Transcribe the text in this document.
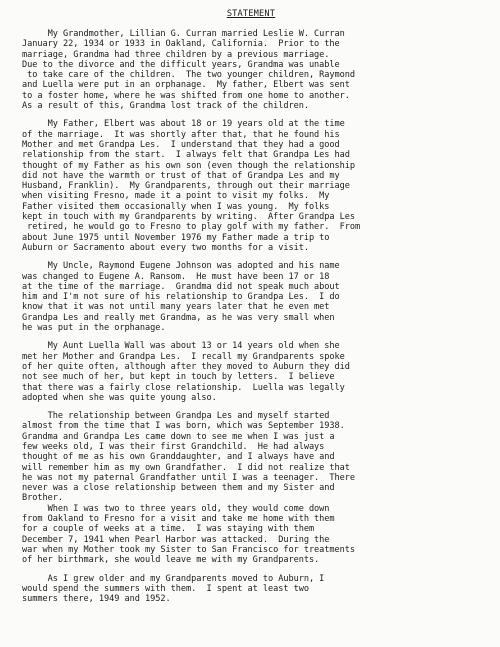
STATEMENT
My Grandmother, Lillian G. Curran married Leslie W. Curran
January 22, 1934 or 1933 in Oakland, California.  Prior to the
marriage, Grandma had three children by a previous marriage.
Due to the divorce and the difficult years, Grandma was unable
to take care of the children.  The two younger children, Raymond
and Luella were put in an orphanage.  My father, Elbert was sent
to a foster home, where he was shifted from one home to another.
As a result of this, Grandma lost track of the children.
My Father, Elbert was about 18 or 19 years old at the time
of the marriage.  It was shortly after that, that he found his
Mother and met Grandpa Les.  I understand that they had a good
relationship from the start.  I always felt that Grandpa Les had
thought of my Father as his own son (even though the relationship
did not have the warmth or trust of that of Grandpa Les and my
Husband, Franklin).  My Grandparents, through out their marriage
when visiting Fresno, made it a point to visit my folks.  My
Father visited them occasionally when I was young.  My folks
kept in touch with my Grandparents by writing.  After Grandpa Les
retired, he would go to Fresno to play golf with my father.  From
about June 1975 until November 1976 my Father made a trip to
Auburn or Sacramento about every two months for a visit.
My Uncle, Raymond Eugene Johnson was adopted and his name
was changed to Eugene A. Ransom.  He must have been 17 or 18
at the time of the marriage.  Grandma did not speak much about
him and I'm not sure of his relationship to Grandpa Les.  I do
know that it was not until many years later that he even met
Grandpa Les and really met Grandma, as he was very small when
he was put in the orphanage.
My Aunt Luella Wall was about 13 or 14 years old when she
met her Mother and Grandpa Les.  I recall my Grandparents spoke
of her quite often, although after they moved to Auburn they did
not see much of her, but kept in touch by letters.  I believe
that there was a fairly close relationship.  Luella was legally
adopted when she was quite young also.
The relationship between Grandpa Les and myself started
almost from the time that I was born, which was September 1938.
Grandma and Grandpa Les came down to see me when I was just a
few weeks old, I was their first Grandchild.  He had always
thought of me as his own Granddaughter, and I always have and
will remember him as my own Grandfather.  I did not realize that
he was not my paternal Grandfather until I was a teenager.  There
never was a close relationship between them and my Sister and
Brother.
When I was two to three years old, they would come down
from Oakland to Fresno for a visit and take me home with them
for a couple of weeks at a time.  I was staying with them
December 7, 1941 when Pearl Harbor was attacked.  During the
war when my Mother took my Sister to San Francisco for treatments
of her birthmark, she would leave me with my Grandparents.
As I grew older and my Grandparents moved to Auburn, I
would spend the summers with them.  I spent at least two
summers there, 1949 and 1952.
